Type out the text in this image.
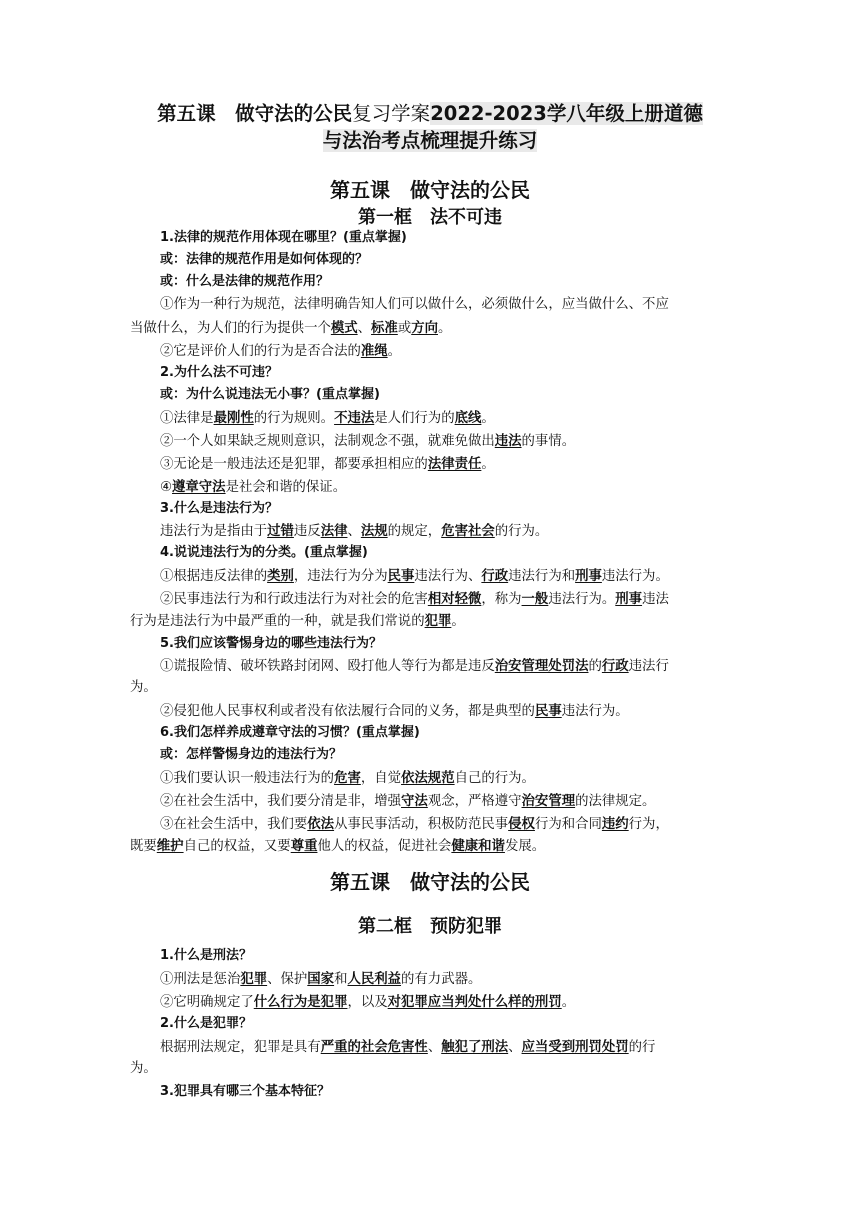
第五课　做守法的公民复习学案2022-2023学八年级上册道德
与法治考点梳理提升练习
第五课　做守法的公民
第一框　法不可违
1.法律的规范作用体现在哪里？(重点掌握)
或：法律的规范作用是如何体现的？
或：什么是法律的规范作用？
①作为一种行为规范，法律明确告知人们可以做什么，必须做什么，应当做什么、不应
当做什么，为人们的行为提供一个模式、标准或方向。
②它是评价人们的行为是否合法的准绳。
2.为什么法不可违？
或：为什么说违法无小事？(重点掌握)
①法律是最刚性的行为规则。不违法是人们行为的底线。
②一个人如果缺乏规则意识，法制观念不强，就难免做出违法的事情。
③无论是一般违法还是犯罪，都要承担相应的法律责任。
④遵章守法是社会和谐的保证。
3.什么是违法行为？
违法行为是指由于过错违反法律、法规的规定，危害社会的行为。
4.说说违法行为的分类。(重点掌握)
①根据违反法律的类别，违法行为分为民事违法行为、行政违法行为和刑事违法行为。
②民事违法行为和行政违法行为对社会的危害相对轻微，称为一般违法行为。刑事违法
行为是违法行为中最严重的一种，就是我们常说的犯罪。
5.我们应该警惕身边的哪些违法行为？
①谎报险情、破坏铁路封闭网、殴打他人等行为都是违反治安管理处罚法的行政违法行
为。
②侵犯他人民事权利或者没有依法履行合同的义务，都是典型的民事违法行为。
6.我们怎样养成遵章守法的习惯？(重点掌握)
或：怎样警惕身边的违法行为？
①我们要认识一般违法行为的危害，自觉依法规范自己的行为。
②在社会生活中，我们要分清是非，增强守法观念，严格遵守治安管理的法律规定。
③在社会生活中，我们要依法从事民事活动，积极防范民事侵权行为和合同违约行为，
既要维护自己的权益，又要尊重他人的权益，促进社会健康和谐发展。
第五课　做守法的公民
第二框　预防犯罪
1.什么是刑法？
①刑法是惩治犯罪、保护国家和人民利益的有力武器。
②它明确规定了什么行为是犯罪，以及对犯罪应当判处什么样的刑罚。
2.什么是犯罪？
根据刑法规定，犯罪是具有严重的社会危害性、触犯了刑法、应当受到刑罚处罚的行
为。
3.犯罪具有哪三个基本特征？
